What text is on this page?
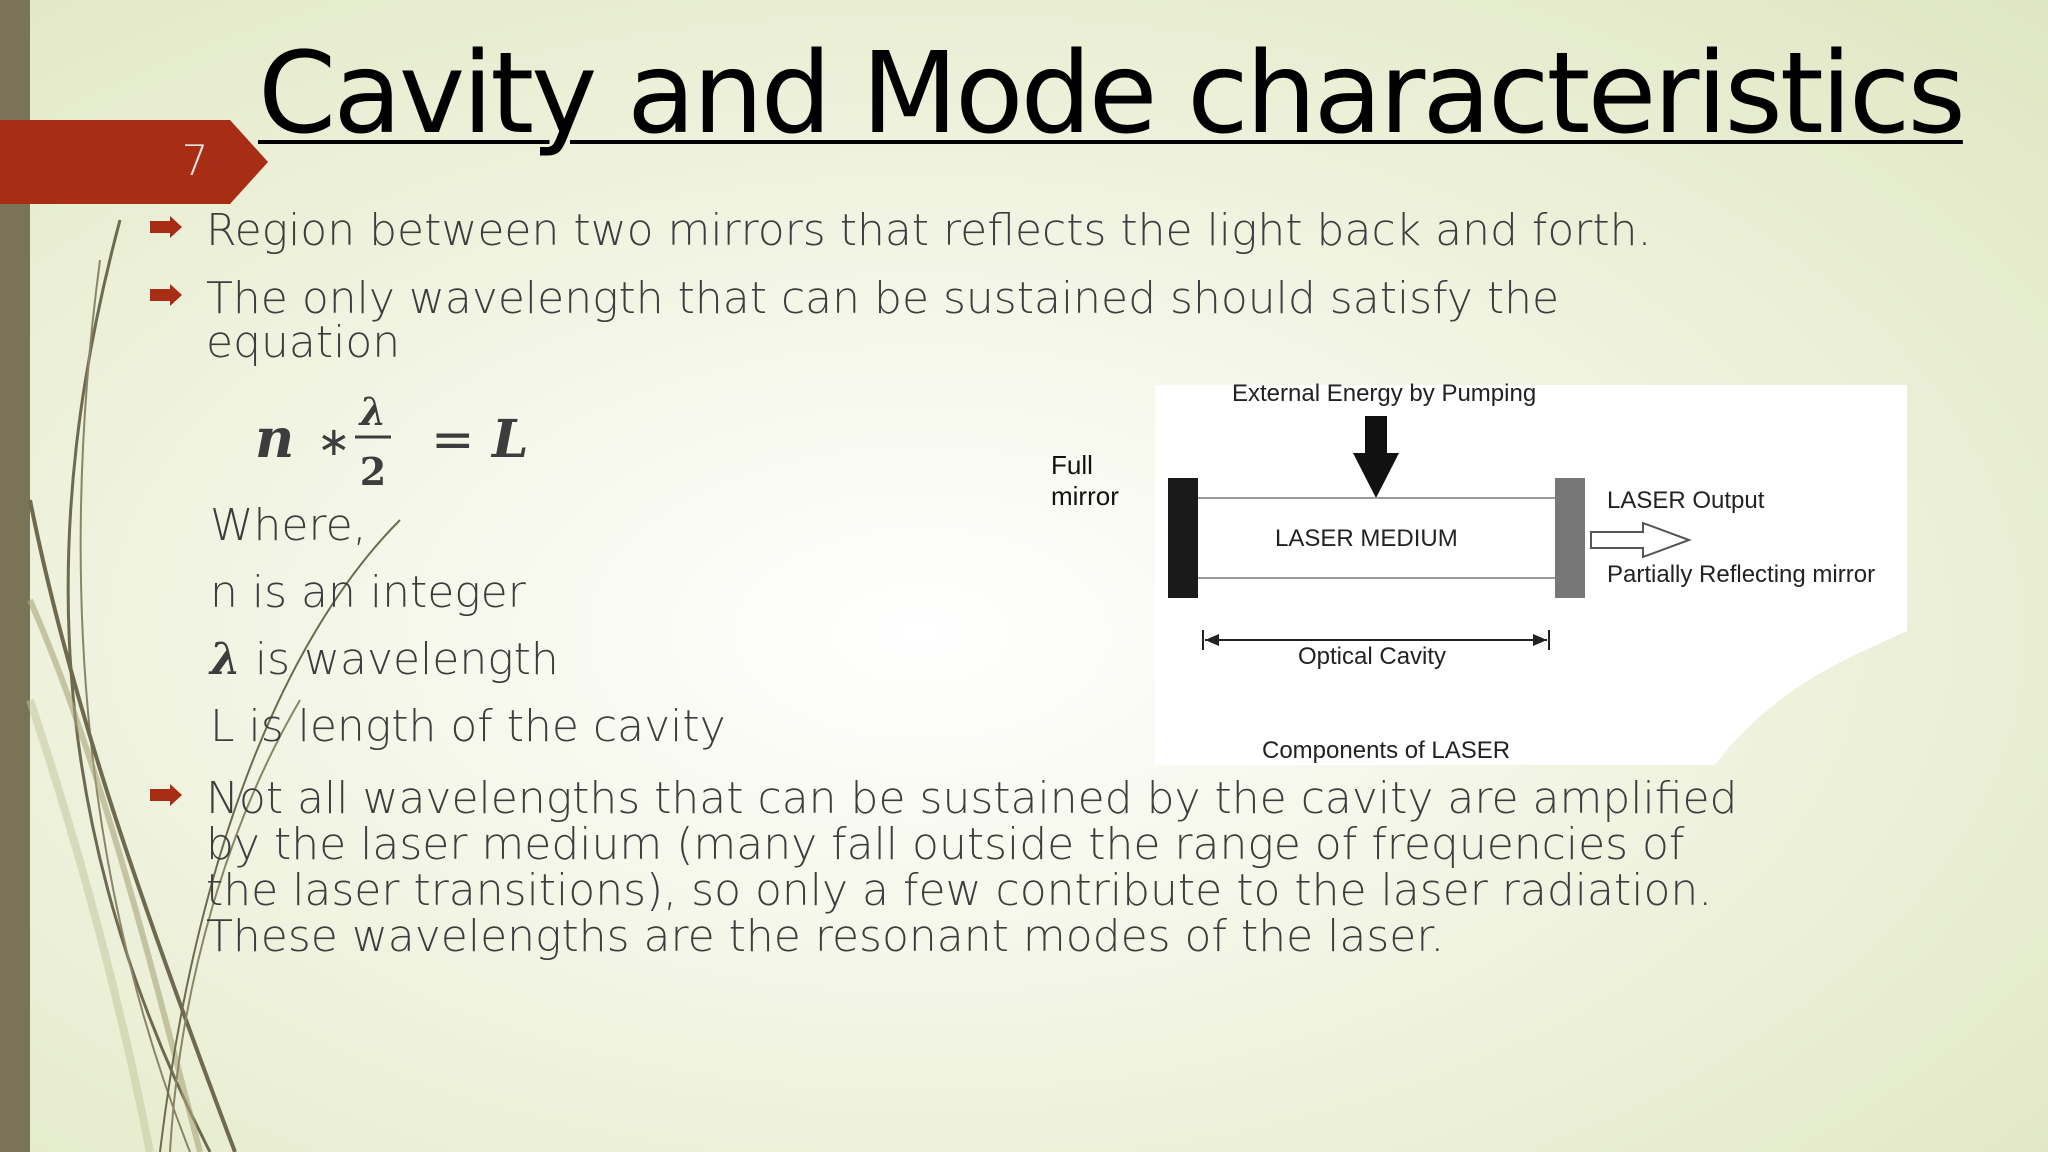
7
Cavity and Mode characteristics
Region between two mirrors that reflects the light back and forth.
The only wavelength that can be sustained should satisfy the
equation
n ∗
λ
2
= L
Where,
n is an integer
λ is wavelength
L is length of the cavity
Not all wavelengths that can be sustained by the cavity are amplified
by the laser medium (many fall outside the range of frequencies of
the laser transitions), so only a few contribute to the laser radiation.
These wavelengths are the resonant modes of the laser.
External Energy by Pumping
Full
mirror
LASER MEDIUM
LASER Output
Partially Reflecting mirror
Optical Cavity
Components of LASER
